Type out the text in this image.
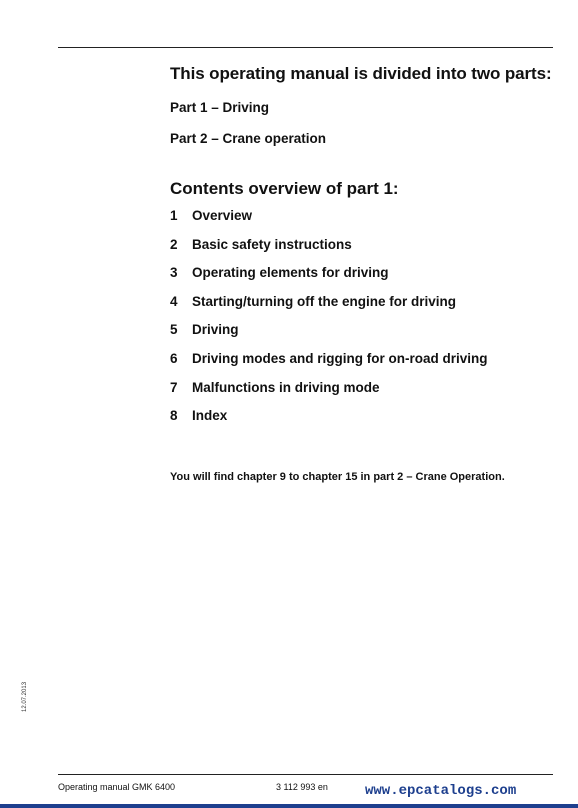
This operating manual is divided into two parts:
Part 1 – Driving
Part 2 – Crane operation
Contents overview of part 1:
1	Overview
2	Basic safety instructions
3	Operating elements for driving
4	Starting/turning off the engine for driving
5	Driving
6	Driving modes and rigging for on-road driving
7	Malfunctions in driving mode
8	Index
You will find chapter 9 to chapter 15 in part 2 – Crane Operation.
12.07.2013
Operating manual GMK 6400	3 112 993 en	www.epcatalogs.com
